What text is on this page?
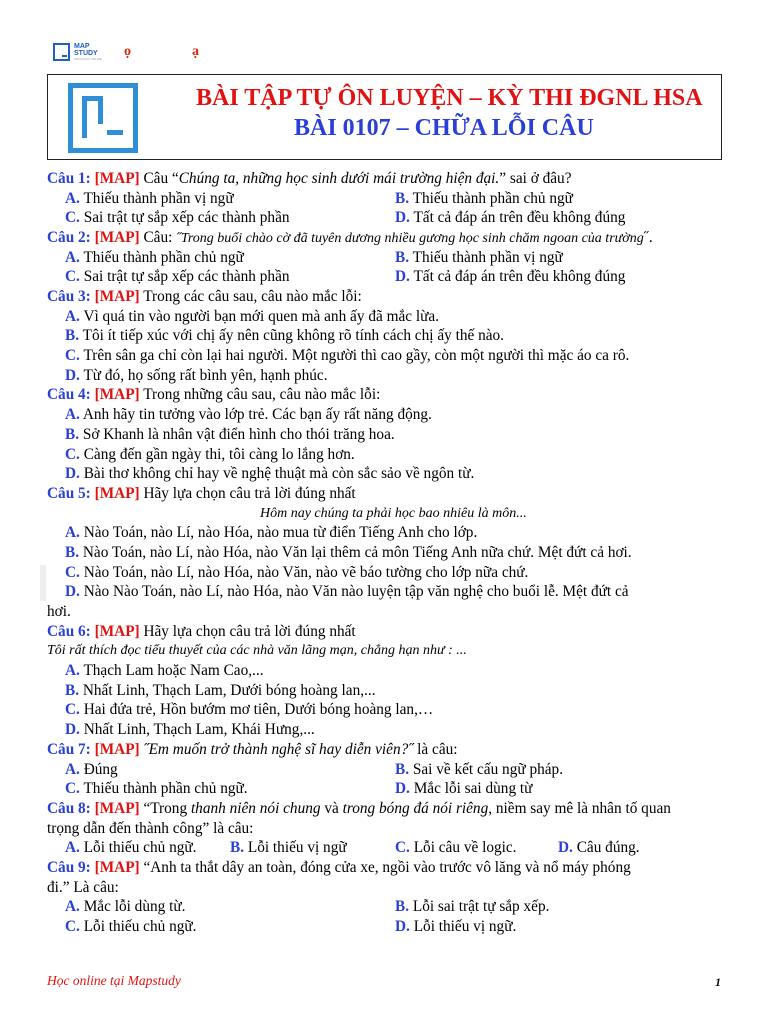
MAP
STUDY
KHOA HỌC ONLINE ọ	ạ
BÀI TẬP TỰ ÔN LUYỆN – KỲ THI ĐGNL HSA
BÀI 0107 – CHỮA LỖI CÂU
Câu 1: [MAP] Câu “Chúng ta, những học sinh dưới mái trường hiện đại.” sai ở đâu?
A. Thiếu thành phần vị ngữ	B. Thiếu thành phần chủ ngữ
C. Sai trật tự sắp xếp các thành phần	D. Tất cả đáp án trên đều không đúng
Câu 2: [MAP] Câu: ˝Trong buổi chào cờ đã tuyên dương nhiều gương học sinh chăm ngoan của trường˝.
A. Thiếu thành phần chủ ngữ	B. Thiếu thành phần vị ngữ
C. Sai trật tự sắp xếp các thành phần	D. Tất cả đáp án trên đều không đúng
Câu 3: [MAP] Trong các câu sau, câu nào mắc lỗi:
A. Vì quá tin vào người bạn mới quen mà anh ấy đã mắc lừa.
B. Tôi ít tiếp xúc với chị ấy nên cũng không rõ tính cách chị ấy thế nào.
C. Trên sân ga chỉ còn lại hai người. Một người thì cao gầy, còn một người thì mặc áo ca rô.
D. Từ đó, họ sống rất bình yên, hạnh phúc.
Câu 4: [MAP] Trong những câu sau, câu nào mắc lỗi:
A. Anh hãy tin tưởng vào lớp trẻ. Các bạn ấy rất năng động.
B. Sở Khanh là nhân vật điển hình cho thói trăng hoa.
C. Càng đến gần ngày thi, tôi càng lo lắng hơn.
D. Bài thơ không chỉ hay về nghệ thuật mà còn sắc sảo về ngôn từ.
Câu 5: [MAP] Hãy lựa chọn câu trả lời đúng nhất
Hôm nay chúng ta phải học bao nhiêu là môn...
A. Nào Toán, nào Lí, nào Hóa, nào mua từ điển Tiếng Anh cho lớp.
B. Nào Toán, nào Lí, nào Hóa, nào Văn lại thêm cả môn Tiếng Anh nữa chứ. Mệt đứt cả hơi.
C. Nào Toán, nào Lí, nào Hóa, nào Văn, nào vẽ báo tường cho lớp nữa chứ.
D. Nào Nào Toán, nào Lí, nào Hóa, nào Văn nào luyện tập văn nghệ cho buổi lễ. Mệt đứt cả
hơi.
Câu 6: [MAP] Hãy lựa chọn câu trả lời đúng nhất
Tôi rất thích đọc tiểu thuyết của các nhà văn lãng mạn, chẳng hạn như : ...
A. Thạch Lam hoặc Nam Cao,...
B. Nhất Linh, Thạch Lam, Dưới bóng hoàng lan,...
C. Hai đứa trẻ, Hồn bướm mơ tiên, Dưới bóng hoàng lan,…
D. Nhất Linh, Thạch Lam, Khái Hưng,...
Câu 7: [MAP] ˝Em muốn trở thành nghệ sĩ hay diễn viên?˝ là câu:
A. Đúng	B. Sai về kết cấu ngữ pháp.
C. Thiếu thành phần chủ ngữ.	D. Mắc lỗi sai dùng từ
Câu 8: [MAP] “Trong thanh niên nói chung và trong bóng đá nói riêng, niềm say mê là nhân tố quan
trọng dẫn đến thành công” là câu:
A. Lỗi thiếu chủ ngữ. B. Lỗi thiếu vị ngữ	C. Lỗi câu về logic.	D. Câu đúng.
Câu 9: [MAP] “Anh ta thắt dây an toàn, đóng cửa xe, ngồi vào trước vô lăng và nổ máy phóng
đi.” Là câu:
A. Mắc lỗi dùng từ.	B. Lỗi sai trật tự sắp xếp.
C. Lỗi thiếu chủ ngữ.	D. Lỗi thiếu vị ngữ.
Học online tại Mapstudy	1
